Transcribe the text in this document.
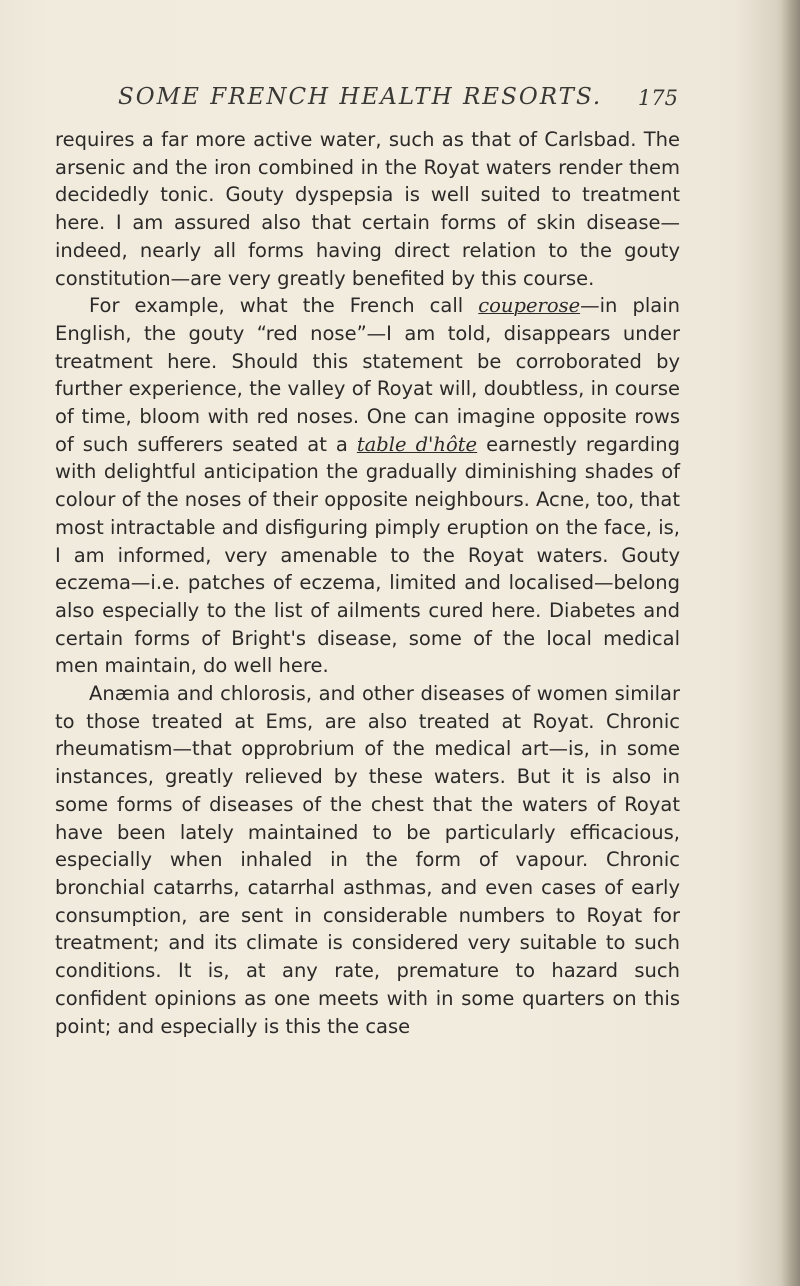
SOME FRENCH HEALTH RESORTS. 175

requires a far more active water, such as that of Carlsbad. The arsenic and the iron combined in the Royat waters render them decidedly tonic. Gouty dyspepsia is well suited to treatment here. I am assured also that certain forms of skin disease—indeed, nearly all forms having direct relation to the gouty constitution—are very greatly benefited by this course.

For example, what the French call couperose—in plain English, the gouty “red nose”—I am told, disappears under treatment here. Should this statement be corroborated by further experience, the valley of Royat will, doubtless, in course of time, bloom with red noses. One can imagine opposite rows of such sufferers seated at a table d'hôte earnestly regarding with delightful anticipation the gradually diminishing shades of colour of the noses of their opposite neighbours. Acne, too, that most intractable and disfiguring pimply eruption on the face, is, I am informed, very amenable to the Royat waters. Gouty eczema—i.e. patches of eczema, limited and localised—belong also especially to the list of ailments cured here. Diabetes and certain forms of Bright's disease, some of the local medical men maintain, do well here.

Anæmia and chlorosis, and other diseases of women similar to those treated at Ems, are also treated at Royat. Chronic rheumatism—that opprobrium of the medical art—is, in some instances, greatly relieved by these waters. But it is also in some forms of diseases of the chest that the waters of Royat have been lately maintained to be particularly efficacious, especially when inhaled in the form of vapour. Chronic bronchial catarrhs, catarrhal asthmas, and even cases of early consumption, are sent in considerable numbers to Royat for treatment; and its climate is considered very suitable to such conditions. It is, at any rate, premature to hazard such confident opinions as one meets with in some quarters on this point; and especially is this the case
